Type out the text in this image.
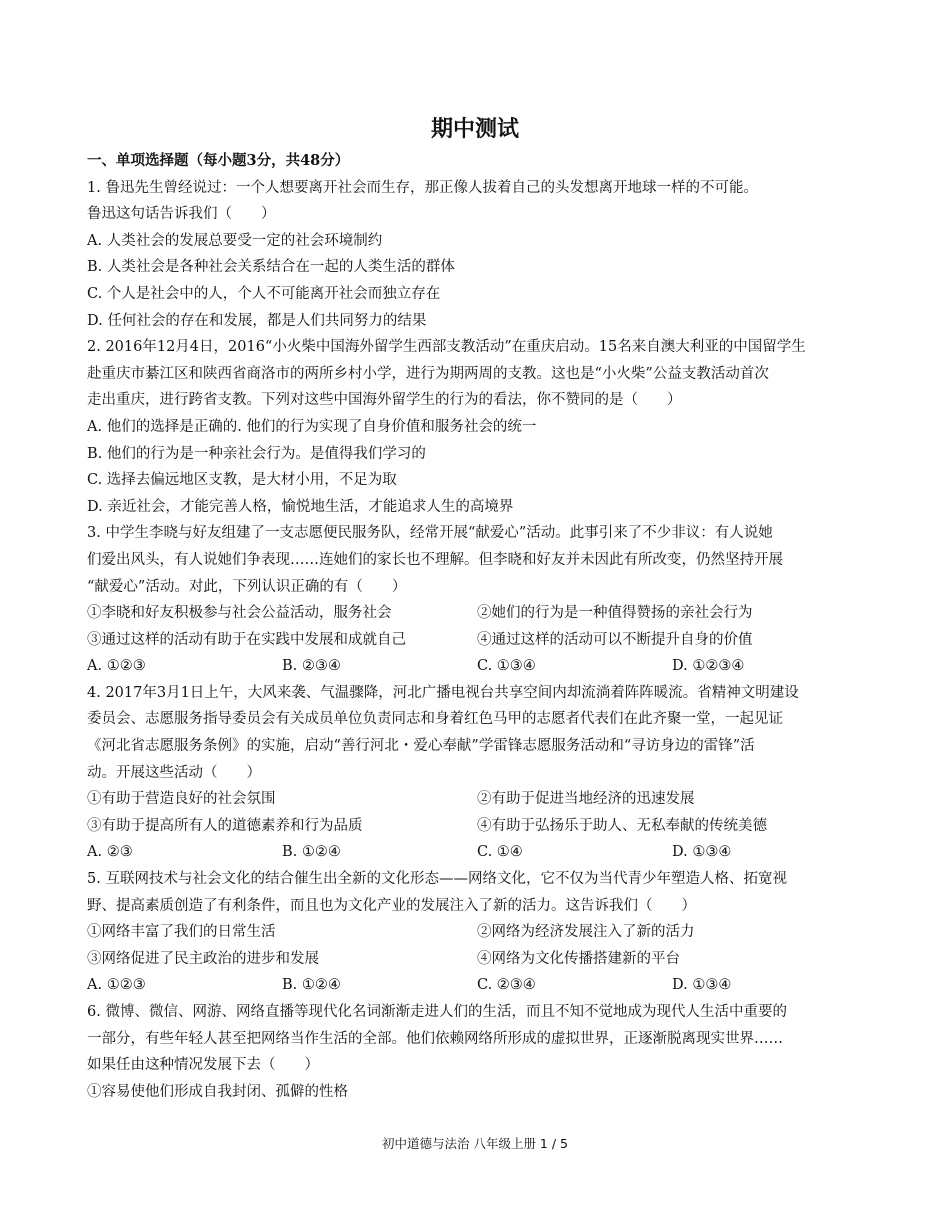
期中测试
一、单项选择题（每小题3分，共48分）
1. 鲁迅先生曾经说过：一个人想要离开社会而生存，那正像人拔着自己的头发想离开地球一样的不可能。
鲁迅这句话告诉我们（　　）
A. 人类社会的发展总要受一定的社会环境制约
B. 人类社会是各种社会关系结合在一起的人类生活的群体
C. 个人是社会中的人，个人不可能离开社会而独立存在
D. 任何社会的存在和发展，都是人们共同努力的结果
2. 2016年12月4日，2016“小火柴中国海外留学生西部支教活动”在重庆启动。15名来自澳大利亚的中国留学生
赴重庆市綦江区和陕西省商洛市的两所乡村小学，进行为期两周的支教。这也是“小火柴”公益支教活动首次
走出重庆，进行跨省支教。下列对这些中国海外留学生的行为的看法，你不赞同的是（　　）
A. 他们的选择是正确的. 他们的行为实现了自身价值和服务社会的统一
B. 他们的行为是一种亲社会行为。是值得我们学习的
C. 选择去偏远地区支教，是大材小用，不足为取
D. 亲近社会，才能完善人格，愉悦地生活，才能追求人生的高境界
3. 中学生李晓与好友组建了一支志愿便民服务队，经常开展“献爱心”活动。此事引来了不少非议：有人说她
们爱出风头，有人说她们争表现……连她们的家长也不理解。但李晓和好友并未因此有所改变，仍然坚持开展
“献爱心”活动。对此，下列认识正确的有（　　）
①李晓和好友积极参与社会公益活动，服务社会	②她们的行为是一种值得赞扬的亲社会行为
③通过这样的活动有助于在实践中发展和成就自己	④通过这样的活动可以不断提升自身的价值
A. ①②③	B. ②③④	C. ①③④	D. ①②③④
4. 2017年3月1日上午，大风来袭、气温骤降，河北广播电视台共享空间内却流淌着阵阵暖流。省精神文明建设
委员会、志愿服务指导委员会有关成员单位负责同志和身着红色马甲的志愿者代表们在此齐聚一堂，一起见证
《河北省志愿服务条例》的实施，启动“善行河北・爱心奉献”学雷锋志愿服务活动和“寻访身边的雷锋”活
动。开展这些活动（　　）
①有助于营造良好的社会氛围	②有助于促进当地经济的迅速发展
③有助于提高所有人的道德素养和行为品质	④有助于弘扬乐于助人、无私奉献的传统美德
A. ②③	B. ①②④	C. ①④	D. ①③④
5. 互联网技术与社会文化的结合催生出全新的文化形态——网络文化，它不仅为当代青少年塑造人格、拓宽视
野、提高素质创造了有利条件，而且也为文化产业的发展注入了新的活力。这告诉我们（　　）
①网络丰富了我们的日常生活	②网络为经济发展注入了新的活力
③网络促进了民主政治的进步和发展	④网络为文化传播搭建新的平台
A. ①②③	B. ①②④	C. ②③④	D. ①③④
6. 微博、微信、网游、网络直播等现代化名词渐渐走进人们的生活，而且不知不觉地成为现代人生活中重要的
一部分，有些年轻人甚至把网络当作生活的全部。他们依赖网络所形成的虚拟世界，正逐渐脱离现实世界……
如果任由这种情况发展下去（　　）
①容易使他们形成自我封闭、孤僻的性格
初中道德与法治 八年级上册 1 / 5
